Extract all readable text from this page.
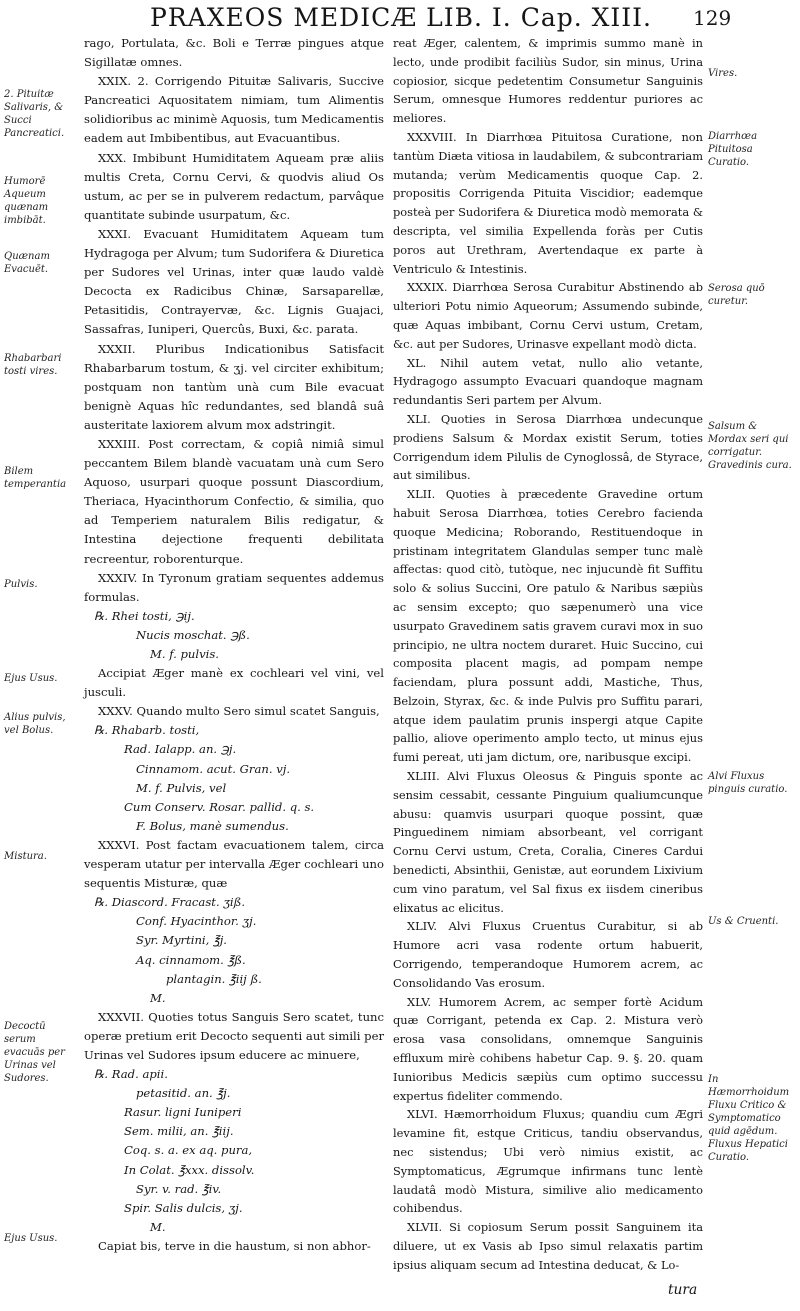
PRAXEOS MEDICÆ LIB. I. Cap. XIII.	129
2. Pituitæ Salivaris, & Succi Pancreatici.
Humorē Aqueum quænam imbibāt.
Quænam Evacuēt.
Rhabarbari tosti vires.
Bilem temperantia
Pulvis.
Ejus Usus.
Alius pulvis, vel Bolus.
Mistura.
Decoctū serum evacuās per Urinas vel Sudores.
Ejus Usus.
Vires.
Diarrhœa Pituitosa Curatio.
Serosa quō curetur.
Salsum & Mordax seri qui corrigatur. Gravedinis cura.
Alvi Fluxus pinguis curatio.
Us & Cruenti.
In Hæmorrhoidum Fluxu Critico & Symptomatico quid agēdum. Fluxus Hepatici Curatio.

rago, Portulata, &c. Boli e Terræ pingues atque Sigillatæ omnes.

XXIX. 2. Corrigendo Pituitæ Salivaris, Succive Pancreatici Aquositatem nimiam, tum Alimentis solidioribus ac minimè Aquosis, tum Medicamentis eadem aut Imbibentibus, aut Evacuantibus.

XXX. Imbibunt Humiditatem Aqueam præ aliis multis Creta, Cornu Cervi, & quodvis aliud Os ustum, ac per se in pulverem redactum, parvâque quantitate subinde usurpatum, &c.

XXXI. Evacuant Humiditatem Aqueam tum Hydragoga per Alvum; tum Sudorifera & Diuretica per Sudores vel Urinas, inter quæ laudo valdè Decocta ex Radicibus Chinæ, Sarsaparellæ, Petasitidis, Contrayervæ, &c. Lignis Guajaci, Sassafras, Iuniperi, Quercûs, Buxi, &c. parata.

XXXII. Pluribus Indicationibus Satisfacit Rhabarbarum tostum, & ʒj. vel circiter exhibitum; postquam non tantùm unà cum Bile evacuat benignè Aquas hîc redundantes, sed blandâ suâ austeritate laxiorem alvum mox adstringit.

XXXIII. Post correctam, & copiâ nimiâ simul peccantem Bilem blandè vacuatam unà cum Sero Aquoso, usurpari quoque possunt Diascordium, Theriaca, Hyacinthorum Confectio, & similia, quo ad Temperiem naturalem Bilis redigatur, & Intestina dejectione frequenti debilitata recreentur, roborenturque.

XXXIV. In Tyronum gratiam sequentes addemus formulas.

℞. Rhei tosti, ℈ij.
Nucis moschat. ℈ß.
M. f. pulvis.

Accipiat Æger manè ex cochleari vel vini, vel jusculi.

XXXV. Quando multo Sero simul scatet Sanguis,

℞. Rhabarb. tosti,
Rad. Ialapp. an. ℈j.
Cinnamom. acut. Gran. vj.
M. f. Pulvis, vel
Cum Conserv. Rosar. pallid. q. s.
F. Bolus, manè sumendus.

XXXVI. Post factam evacuationem talem, circa vesperam utatur per intervalla Æger cochleari uno sequentis Misturæ, quæ

℞. Diascord. Fracast. ʒiß.
Conf. Hyacinthor. ʒj.
Syr. Myrtini, ℥j.
Aq. cinnamom. ℥ß.
plantagin. ℥iij ß.
M.

XXXVII. Quoties totus Sanguis Sero scatet, tunc operæ pretium erit Decocto sequenti aut simili per Urinas vel Sudores ipsum educere ac minuere,

℞. Rad. apii.
petasitid. an. ℥j.
Rasur. ligni Iuniperi
Sem. milii, an. ℥iij.
Coq. s. a. ex aq. pura,
In Colat. ℥xxx. dissolv.
Syr. v. rad. ℥iv.
Spir. Salis dulcis, ʒj.
M.

Capiat bis, terve in die haustum, si non abhor-

reat Æger, calentem, & imprimis summo manè in lecto, unde prodibit faciliùs Sudor, sin minus, Urina copiosior, sicque pedetentim Consumetur Sanguinis Serum, omnesque Humores reddentur puriores ac meliores.

XXXVIII. In Diarrhœa Pituitosa Curatione, non tantùm Diæta vitiosa in laudabilem, & subcontrariam mutanda; verùm Medicamentis quoque Cap. 2. propositis Corrigenda Pituita Viscidior; eademque posteà per Sudorifera & Diuretica modò memorata & descripta, vel similia Expellenda foràs per Cutis poros aut Urethram, Avertendaque ex parte à Ventriculo & Intestinis.

XXXIX. Diarrhœa Serosa Curabitur Abstinendo ab ulteriori Potu nimio Aqueorum; Assumendo subinde, quæ Aquas imbibant, Cornu Cervi ustum, Cretam, &c. aut per Sudores, Urinasve expellant modò dicta.

XL. Nihil autem vetat, nullo alio vetante, Hydragogo assumpto Evacuari quandoque magnam redundantis Seri partem per Alvum.

XLI. Quoties in Serosa Diarrhœa undecunque prodiens Salsum & Mordax existit Serum, toties Corrigendum idem Pilulis de Cynoglossâ, de Styrace, aut similibus.

XLII. Quoties à præcedente Gravedine ortum habuit Serosa Diarrhœa, toties Cerebro facienda quoque Medicina; Roborando, Restituendoque in pristinam integritatem Glandulas semper tunc malè affectas: quod citò, tutòque, nec injucundè fit Suffitu solo & solius Succini, Ore patulo & Naribus sæpiùs ac sensim excepto; quo sæpenumerò una vice usurpato Gravedinem satis gravem curavi mox in suo principio, ne ultra noctem duraret. Huic Succino, cui composita placent magis, ad pompam nempe faciendam, plura possunt addi, Mastiche, Thus, Belzoin, Styrax, &c. & inde Pulvis pro Suffitu parari, atque idem paulatim prunis inspergi atque Capite pallio, aliove operimento amplo tecto, ut minus ejus fumi pereat, uti jam dictum, ore, naribusque excipi.

XLIII. Alvi Fluxus Oleosus & Pinguis sponte ac sensim cessabit, cessante Pinguium qualiumcunque abusu: quamvis usurpari quoque possint, quæ Pinguedinem nimiam absorbeant, vel corrigant Cornu Cervi ustum, Creta, Coralia, Cineres Cardui benedicti, Absinthii, Genistæ, aut eorundem Lixivium cum vino paratum, vel Sal fixus ex iisdem cineribus elixatus ac elicitus.

XLIV. Alvi Fluxus Cruentus Curabitur, si ab Humore acri vasa rodente ortum habuerit, Corrigendo, temperandoque Humorem acrem, ac Consolidando Vas erosum.

XLV. Humorem Acrem, ac semper fortè Acidum quæ Corrigant, petenda ex Cap. 2. Mistura verò erosa vasa consolidans, omnemque Sanguinis effluxum mirè cohibens habetur Cap. 9. §. 20. quam Iunioribus Medicis sæpiùs cum optimo successu expertus fideliter commendo.

XLVI. Hæmorrhoidum Fluxus; quandiu cum Ægri levamine fit, estque Criticus, tandiu observandus, nec sistendus; Ubi verò nimius existit, ac Symptomaticus, Ægrumque infirmans tunc lentè laudatâ modò Mistura, similive alio medicamento cohibendus.

XLVII. Si copiosum Serum possit Sanguinem ita diluere, ut ex Vasis ab Ipso simul relaxatis partim ipsius aliquam secum ad Intestina deducat, & Lo-

tura
